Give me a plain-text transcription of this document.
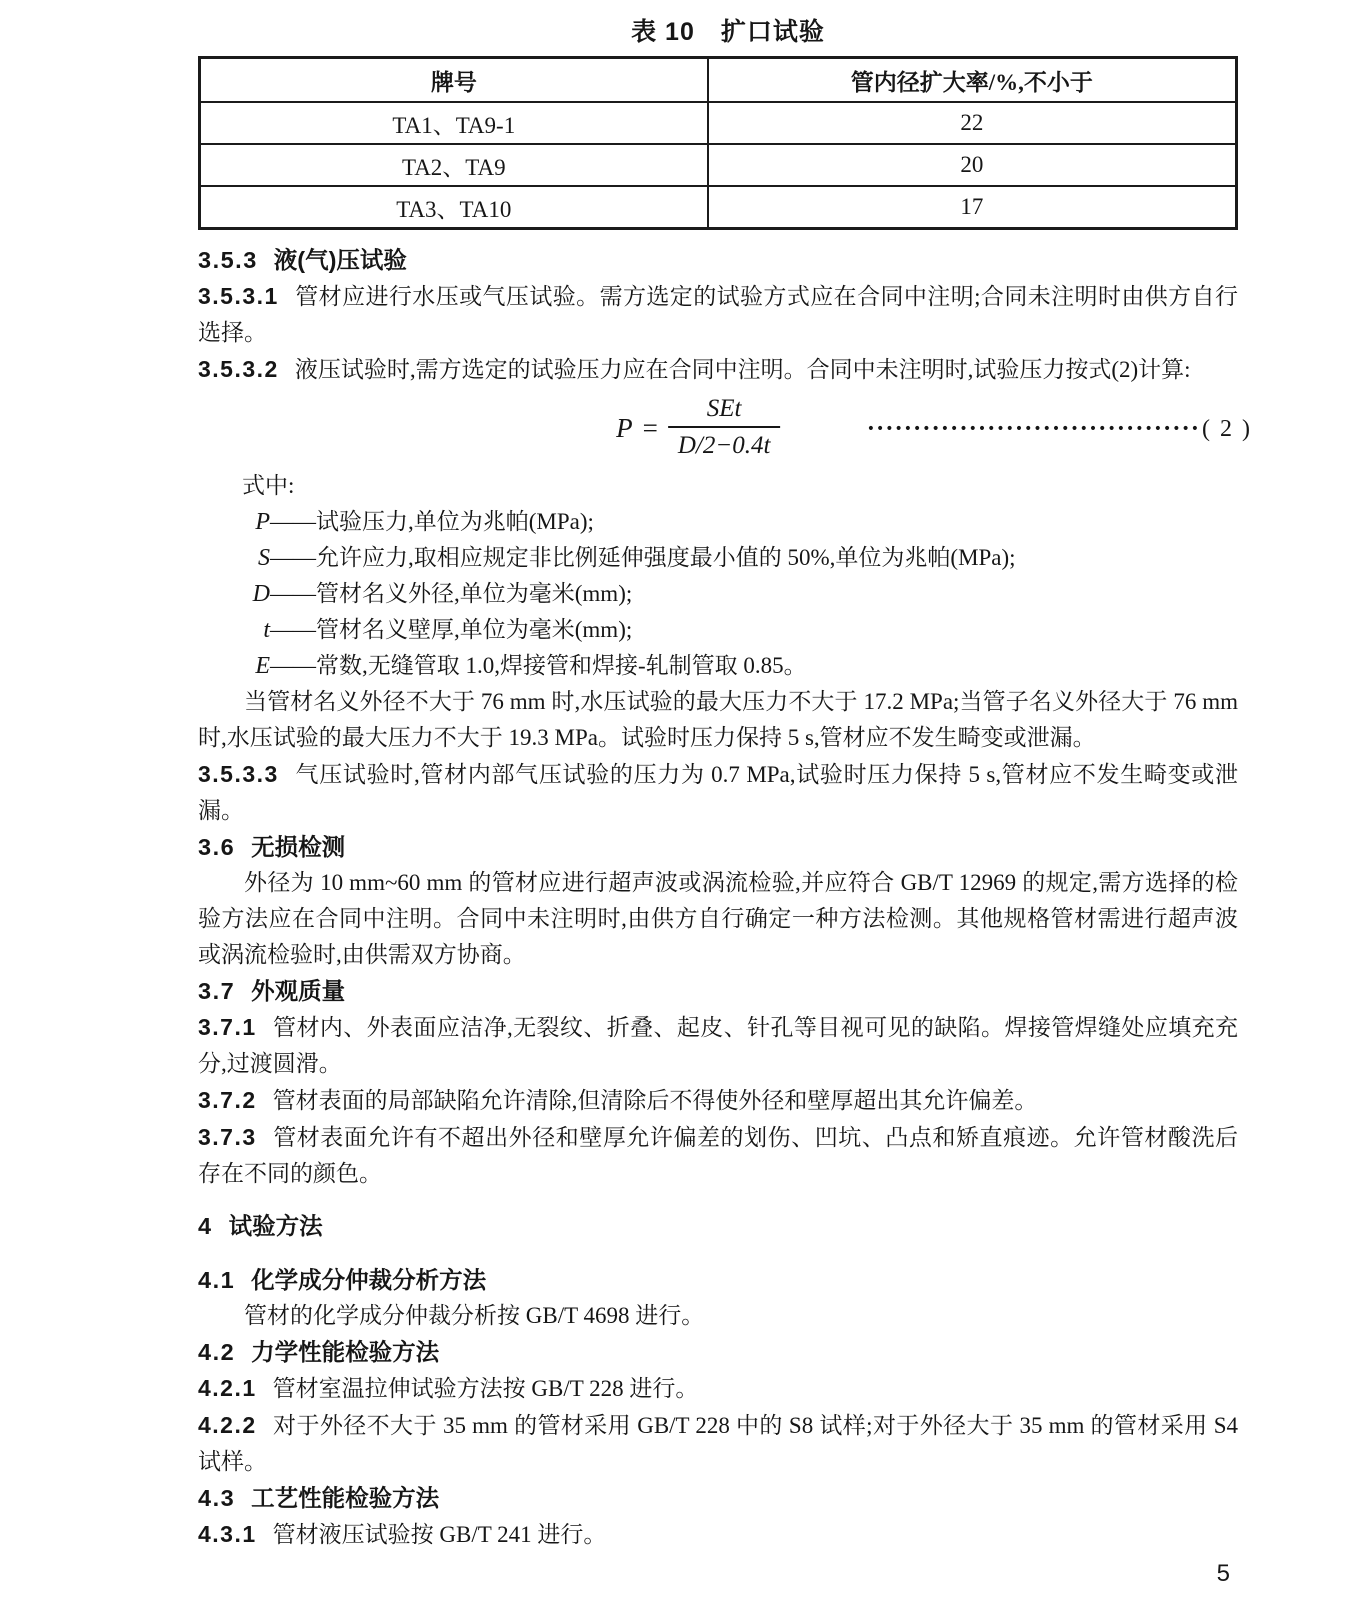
表 10　扩口试验
牌号	管内径扩大率/%,不小于
TA1、TA9-1	22
TA2、TA9	20
TA3、TA10	17

3.5.3 液(气)压试验

3.5.3.1 管材应进行水压或气压试验。需方选定的试验方式应在合同中注明;合同未注明时由供方自行选择。

3.5.3.2 液压试验时,需方选定的试验压力应在合同中注明。合同中未注明时,试验压力按式(2)计算:

$P = \frac{\text{SEt}}{D/2-0.4t}$	•••••••••••••••••••••••••••••••••••• ( 2 )

式中:

P——试验压力,单位为兆帕(MPa);

S——允许应力,取相应规定非比例延伸强度最小值的 50%,单位为兆帕(MPa);

D——管材名义外径,单位为毫米(mm);

t——管材名义壁厚,单位为毫米(mm);

E——常数,无缝管取 1.0,焊接管和焊接-轧制管取 0.85。

当管材名义外径不大于 76 mm 时,水压试验的最大压力不大于 17.2 MPa;当管子名义外径大于 76 mm 时,水压试验的最大压力不大于 19.3 MPa。试验时压力保持 5 s,管材应不发生畸变或泄漏。

3.5.3.3 气压试验时,管材内部气压试验的压力为 0.7 MPa,试验时压力保持 5 s,管材应不发生畸变或泄漏。

3.6 无损检测

外径为 10 mm~60 mm 的管材应进行超声波或涡流检验,并应符合 GB/T 12969 的规定,需方选择的检验方法应在合同中注明。合同中未注明时,由供方自行确定一种方法检测。其他规格管材需进行超声波或涡流检验时,由供需双方协商。

3.7 外观质量

3.7.1 管材内、外表面应洁净,无裂纹、折叠、起皮、针孔等目视可见的缺陷。焊接管焊缝处应填充充分,过渡圆滑。

3.7.2 管材表面的局部缺陷允许清除,但清除后不得使外径和壁厚超出其允许偏差。

3.7.3 管材表面允许有不超出外径和壁厚允许偏差的划伤、凹坑、凸点和矫直痕迹。允许管材酸洗后存在不同的颜色。

4 试验方法

4.1 化学成分仲裁分析方法

管材的化学成分仲裁分析按 GB/T 4698 进行。

4.2 力学性能检验方法

4.2.1 管材室温拉伸试验方法按 GB/T 228 进行。

4.2.2 对于外径不大于 35 mm 的管材采用 GB/T 228 中的 S8 试样;对于外径大于 35 mm 的管材采用 S4 试样。

4.3 工艺性能检验方法

4.3.1 管材液压试验按 GB/T 241 进行。

5
